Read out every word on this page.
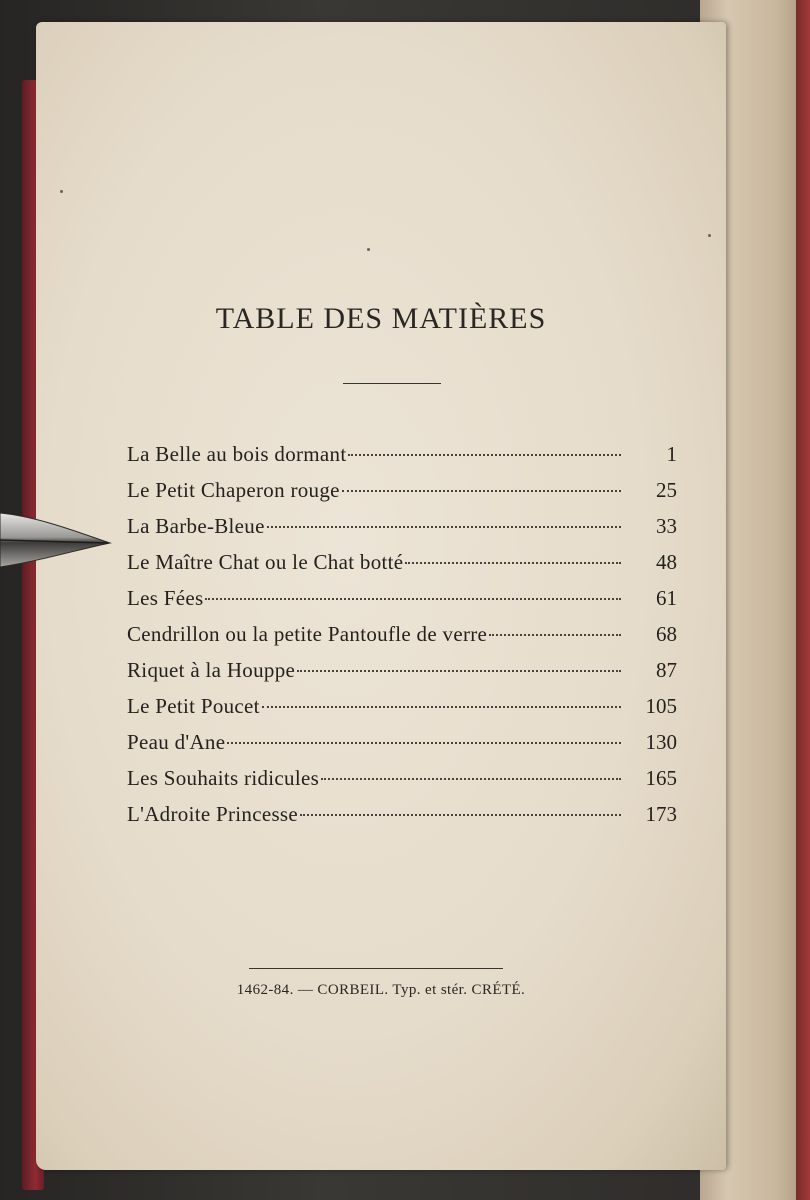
TABLE DES MATIÈRES
La Belle au bois dormant	1
Le Petit Chaperon rouge	25
La Barbe-Bleue	33
Le Maître Chat ou le Chat botté	48
Les Fées	61
Cendrillon ou la petite Pantoufle de verre	68
Riquet à la Houppe	87
Le Petit Poucet	105
Peau d'Ane	130
Les Souhaits ridicules	165
L'Adroite Princesse	173
1462-84. — CORBEIL. Typ. et stér. CRÉTÉ.
